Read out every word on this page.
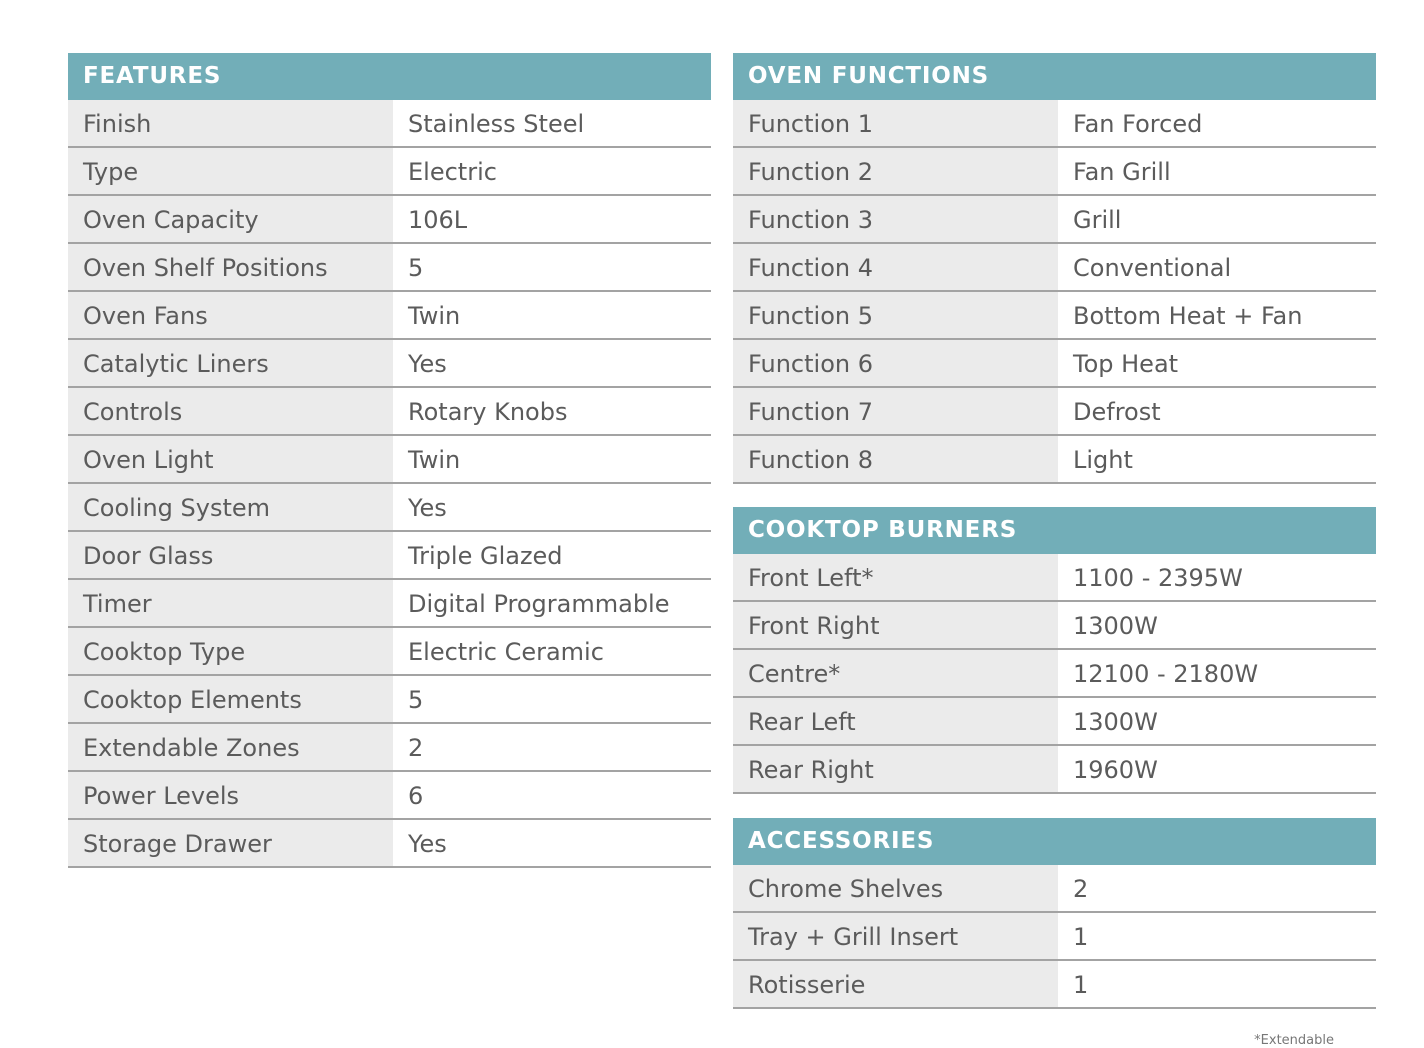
FEATURES
Finish	Stainless Steel
Type	Electric
Oven Capacity	106L
Oven Shelf Positions	5
Oven Fans	Twin
Catalytic Liners	Yes
Controls	Rotary Knobs
Oven Light	Twin
Cooling System	Yes
Door Glass	Triple Glazed
Timer	Digital Programmable
Cooktop Type	Electric Ceramic
Cooktop Elements	5
Extendable Zones	2
Power Levels	6
Storage Drawer	Yes
OVEN FUNCTIONS
Function 1	Fan Forced
Function 2	Fan Grill
Function 3	Grill
Function 4	Conventional
Function 5	Bottom Heat + Fan
Function 6	Top Heat
Function 7	Defrost
Function 8	Light
COOKTOP BURNERS
Front Left*	1100 - 2395W
Front Right	1300W
Centre*	12100 - 2180W
Rear Left	1300W
Rear Right	1960W
ACCESSORIES
Chrome Shelves	2
Tray + Grill Insert	1
Rotisserie	1
*Extendable
